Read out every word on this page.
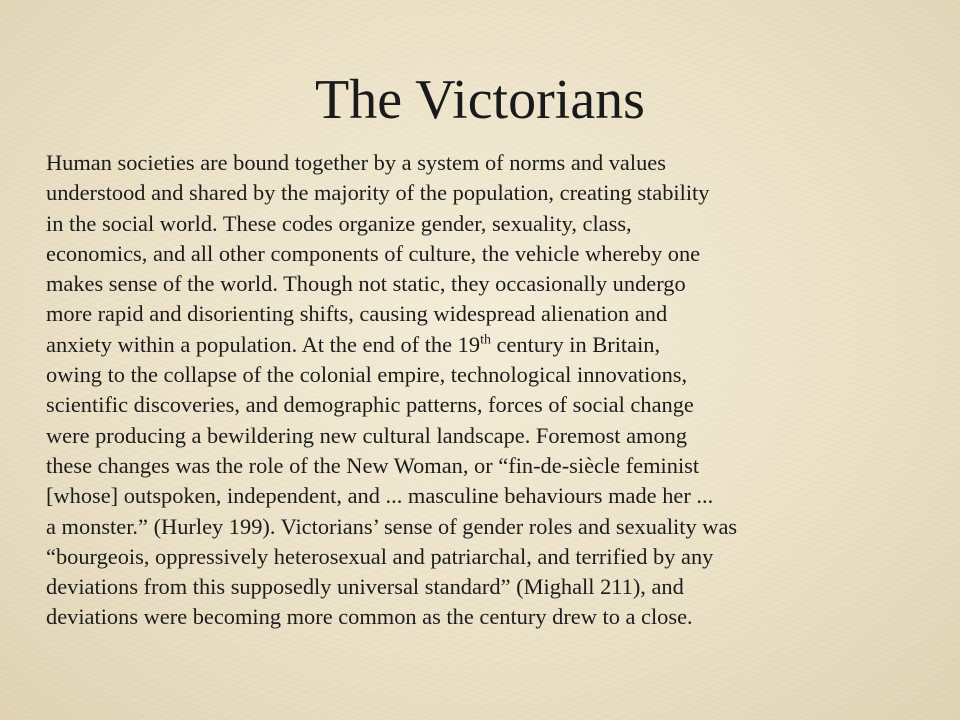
The Victorians
Human societies are bound together by a system of norms and values
understood and shared by the majority of the population, creating stability
in the social world. These codes organize gender, sexuality, class,
economics, and all other components of culture, the vehicle whereby one
makes sense of the world. Though not static, they occasionally undergo
more rapid and disorienting shifts, causing widespread alienation and
anxiety within a population. At the end of the 19th century in Britain,
owing to the collapse of the colonial empire, technological innovations,
scientific discoveries, and demographic patterns, forces of social change
were producing a bewildering new cultural landscape. Foremost among
these changes was the role of the New Woman, or “fin-de-siècle feminist
[whose] outspoken, independent, and ... masculine behaviours made her ...
a monster.” (Hurley 199). Victorians’ sense of gender roles and sexuality was
“bourgeois, oppressively heterosexual and patriarchal, and terrified by any
deviations from this supposedly universal standard” (Mighall 211), and
deviations were becoming more common as the century drew to a close.
